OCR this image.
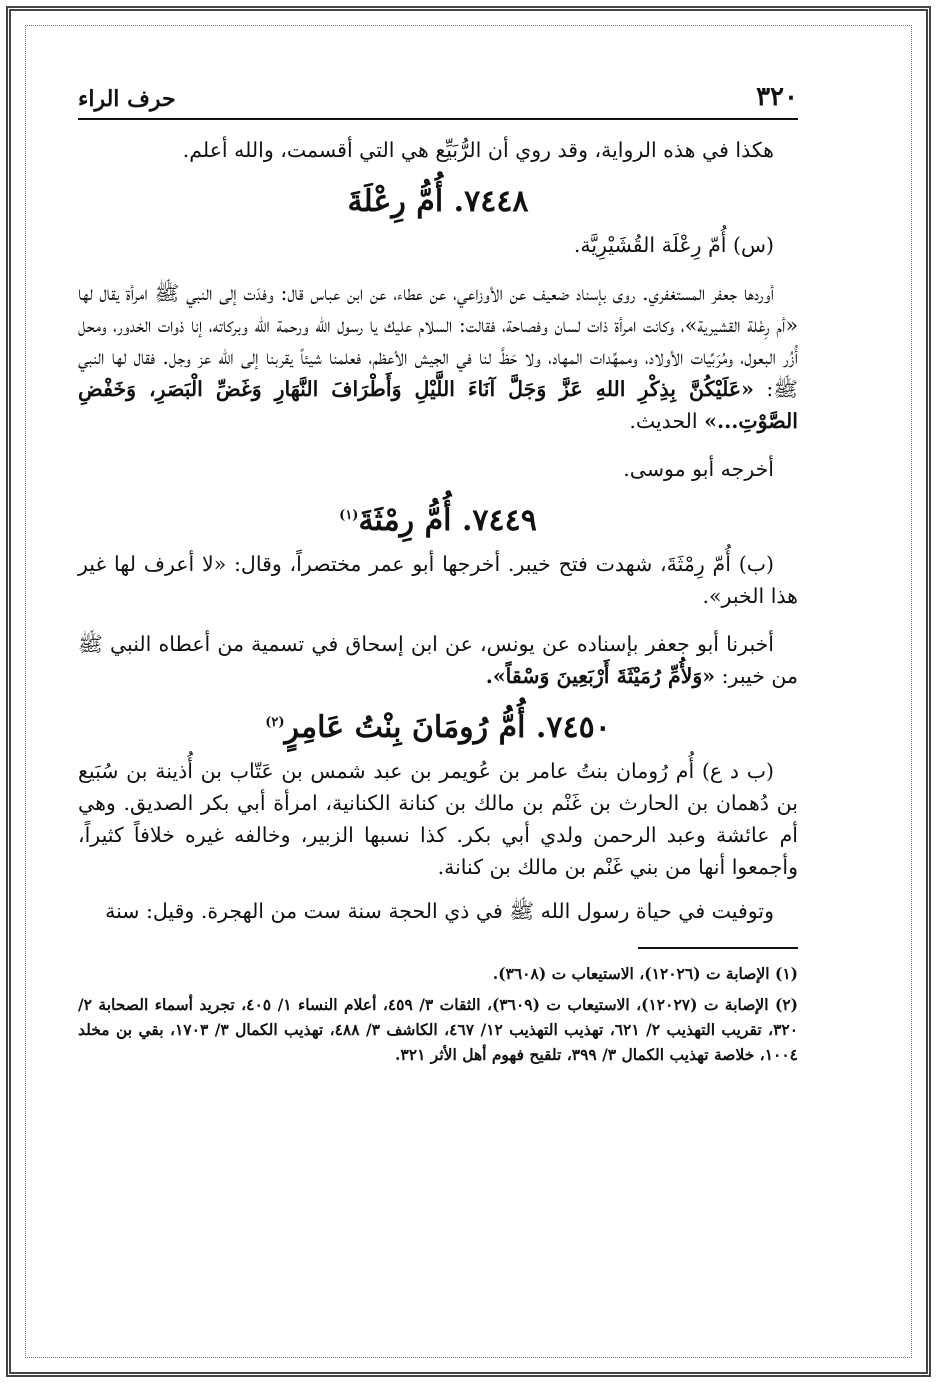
٣٢٠
حرف الراء

هكذا في هذه الرواية، وقد روي أن الرُّبَيِّع هي التي أقسمت، والله أعلم.

٧٤٤٨. أُمُّ رِعْلَةَ

(س) أُمّ رِعْلَة القُشَيْرِيَّة.

أوردها جعفر المستغفري. روى بإسناد ضعيف عن الأوزاعي، عن عطاء، عن ابن عباس قال: وفدَت إلى النبي ﷺ امرأة يقال لها «أم رِعْلة القشيرية»، وكانت امرأة ذات لسان وفصاحة، فقالت: السلام عليك يا رسول الله ورحمة الله وبركاته، إنا ذوات الخدور، ومحل أُزُر البعول، ومُرَبِّيات الأولاد، وممهِّدات المهاد، ولا حَظَّ لنا في الجيش الأعظم، فعلمنا شيئاً يقربنا إلى الله عز وجل. فقال لها النبي ﷺ: «عَلَيْكُنَّ بِذِكْرِ اللهِ عَزَّ وَجَلَّ آنَاءَ اللَّيْلِ وَأَطْرَافَ النَّهَارِ وَغَضِّ الْبَصَرِ، وَخَفْضِ الصَّوْتِ...» الحديث.

أخرجه أبو موسى.

٧٤٤٩. أُمُّ رِمْثَةَ$^{(١)}$

(ب) أُمّ رِمْثَةَ، شهدت فتح خيبر. أخرجها أبو عمر مختصراً، وقال: «لا أعرف لها غير هذا الخبر».

أخبرنا أبو جعفر بإسناده عن يونس، عن ابن إسحاق في تسمية من أعطاه النبي ﷺ من خيبر: «وَلأُمِّ رُمَيْثَةَ أَرْبَعِينَ وَسْقاً».

٧٤٥٠. أُمُّ رُومَانَ بِنْتُ عَامِرٍ$^{(٢)}$

(ب د ع) أُم رُومان بنتُ عامر بن عُويمر بن عبد شمس بن عَتّاب بن أُذينة بن سُبَيع بن دُهمان بن الحارث بن غَنْم بن مالك بن كنانة الكنانية، امرأة أبي بكر الصديق. وهي أم عائشة وعبد الرحمن ولدي أبي بكر. كذا نسبها الزبير، وخالفه غيره خلافاً كثيراً، وأجمعوا أنها من بني غَنْم بن مالك بن كنانة.

وتوفيت في حياة رسول الله ﷺ في ذي الحجة سنة ست من الهجرة. وقيل: سنة

(١) الإصابة ت (١٢٠٢٦)، الاستيعاب ت (٣٦٠٨).

(٢) الإصابة ت (١٢٠٢٧)، الاستيعاب ت (٣٦٠٩)، الثقات ٣/ ٤٥٩، أعلام النساء ١/ ٤٠٥، تجريد أسماء الصحابة ٢/ ٣٢٠، تقريب التهذيب ٢/ ٦٢١، تهذيب التهذيب ١٢/ ٤٦٧، الكاشف ٣/ ٤٨٨، تهذيب الكمال ٣/ ١٧٠٣، بقي بن مخلد ١٠٠٤، خلاصة تهذيب الكمال ٣/ ٣٩٩، تلقيح فهوم أهل الأثر ٣٢١.
